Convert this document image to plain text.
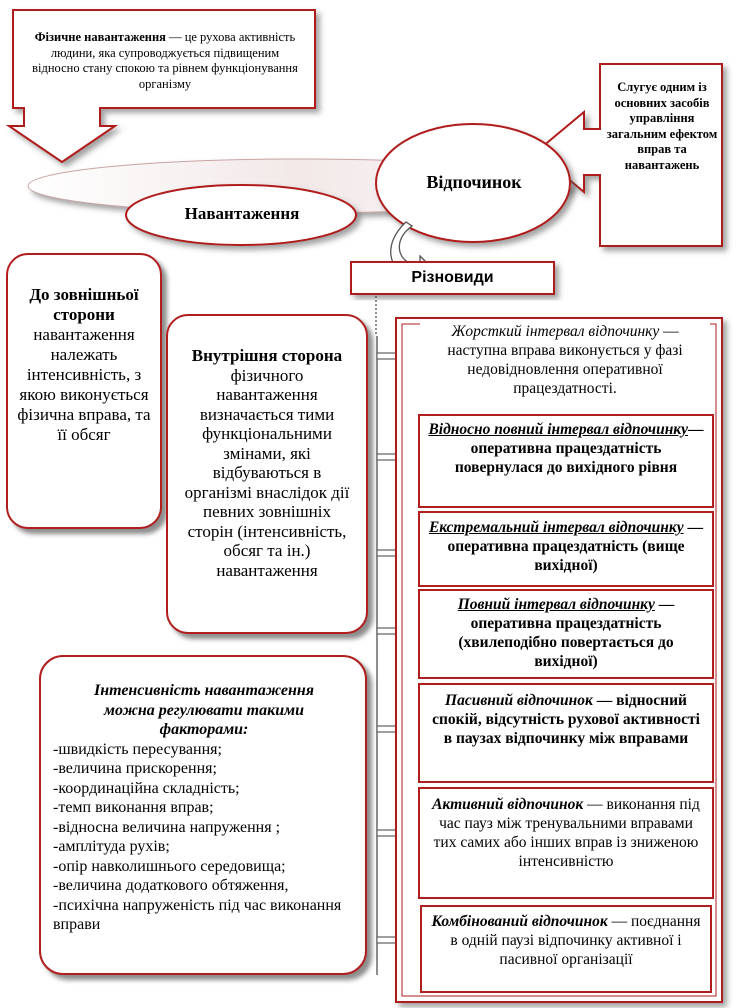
Фізичне навантаження — це рухова активність людини, яка супроводжується підвищеним відносно стану спокою та рівнем функціонування організму	Слугує одним із основних засобів управління загальним ефектом вправ та навантажень
Навантаження
Відпочинок
Різновиди
До зовнішньої сторони навантаження належать інтенсивність, з якою виконується фізична вправа, та її обсяг
Внутрішня сторона фізичного навантаження визначається тими функціональними змінами, які відбуваються в організмі внаслідок дії певних зовнішніх сторін (інтенсивність, обсяг та ін.) навантаження
Інтенсивність навантаження можна регулювати такими факторами:
-швидкість пересування;
-величина прискорення;
-координаційна складність;
-темп виконання вправ;
-відносна величина напруження ;
-амплітуда рухів;
-опір навколишнього середовища;
-величина додаткового обтяження,
-психічна напруженість під час виконання вправи
Жорсткий інтервал відпочинку — наступна вправа виконується у фазі недовідновлення оперативної працездатності.
Відносно повний інтервал відпочинку— оперативна працездатність повернулася до вихідного рівня
Екстремальний інтервал відпочинку — оперативна працездатність (вище вихідної)
Повний інтервал відпочинку — оперативна працездатність (хвилеподібно повертається до вихідної)
Пасивний відпочинок — відносний спокій, відсутність рухової активності в паузах відпочинку між вправами
Активний відпочинок — виконання під час пауз між тренувальними вправами тих самих або інших вправ із зниженою інтенсивністю
Комбінований відпочинок — поєднання в одній паузі відпочинку активної і пасивної організації
